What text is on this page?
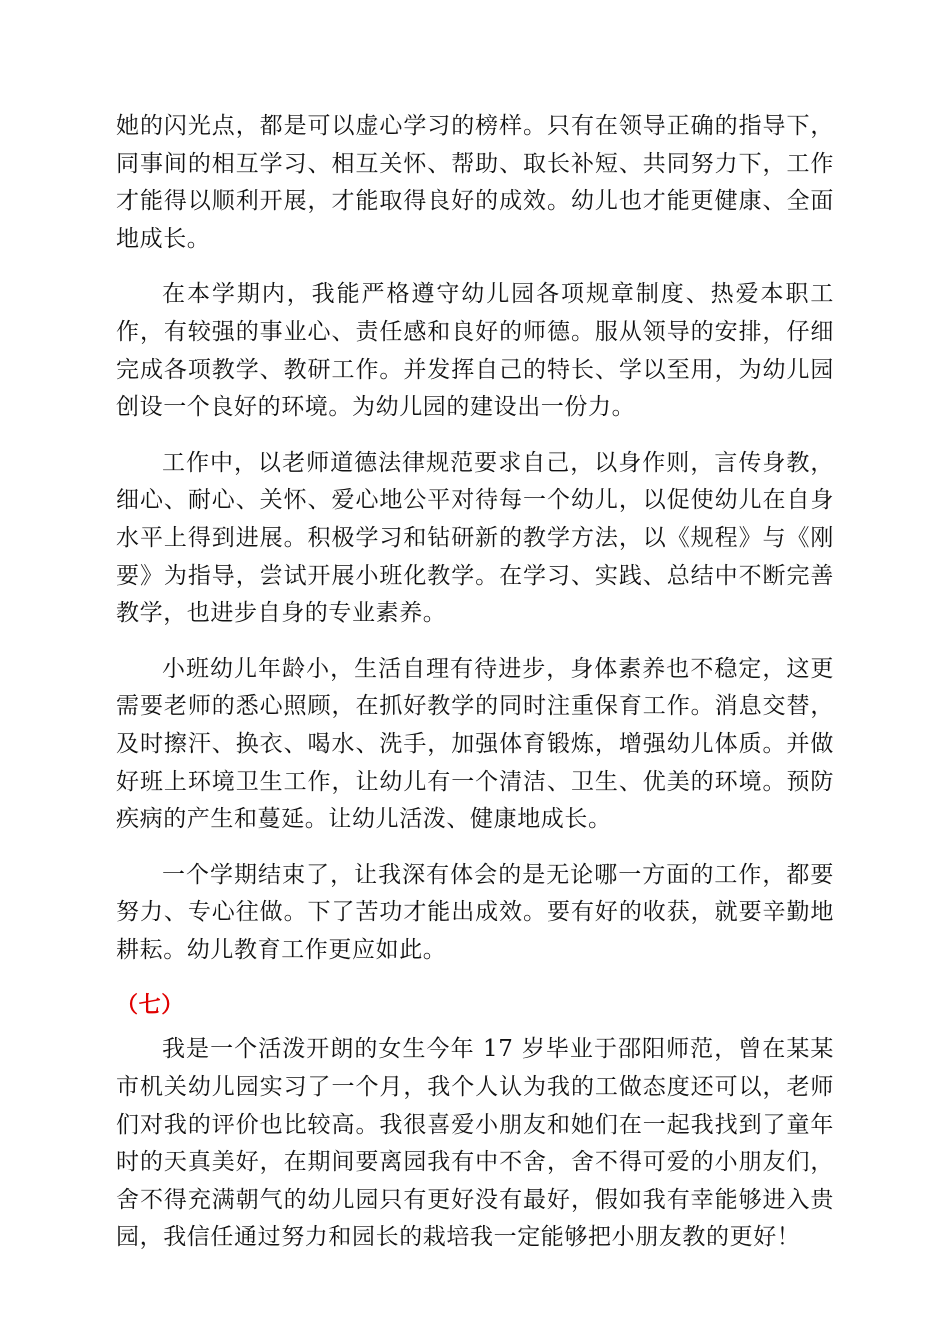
她的闪光点，都是可以虚心学习的榜样。只有在领导正确的指导下，同事间的相互学习、相互关怀、帮助、取长补短、共同努力下，工作才能得以顺利开展，才能取得良好的成效。幼儿也才能更健康、全面地成长。

在本学期内，我能严格遵守幼儿园各项规章制度、热爱本职工作，有较强的事业心、责任感和良好的师德。服从领导的安排，仔细完成各项教学、教研工作。并发挥自己的特长、学以至用，为幼儿园创设一个良好的环境。为幼儿园的建设出一份力。

工作中，以老师道德法律规范要求自己，以身作则，言传身教，细心、耐心、关怀、爱心地公平对待每一个幼儿，以促使幼儿在自身水平上得到进展。积极学习和钻研新的教学方法，以《规程》与《刚要》为指导，尝试开展小班化教学。在学习、实践、总结中不断完善教学，也进步自身的专业素养。

小班幼儿年龄小，生活自理有待进步，身体素养也不稳定，这更需要老师的悉心照顾，在抓好教学的同时注重保育工作。消息交替，及时擦汗、换衣、喝水、洗手，加强体育锻炼，增强幼儿体质。并做好班上环境卫生工作，让幼儿有一个清洁、卫生、优美的环境。预防疾病的产生和蔓延。让幼儿活泼、健康地成长。

一个学期结束了，让我深有体会的是无论哪一方面的工作，都要努力、专心往做。下了苦功才能出成效。要有好的收获，就要辛勤地耕耘。幼儿教育工作更应如此。

（七）

我是一个活泼开朗的女生今年 17 岁毕业于邵阳师范，曾在某某市机关幼儿园实习了一个月，我个人认为我的工做态度还可以，老师们对我的评价也比较高。我很喜爱小朋友和她们在一起我找到了童年时的天真美好，在期间要离园我有中不舍，舍不得可爱的小朋友们，舍不得充满朝气的幼儿园只有更好没有最好，假如我有幸能够进入贵园，我信任通过努力和园长的栽培我一定能够把小朋友教的更好！
